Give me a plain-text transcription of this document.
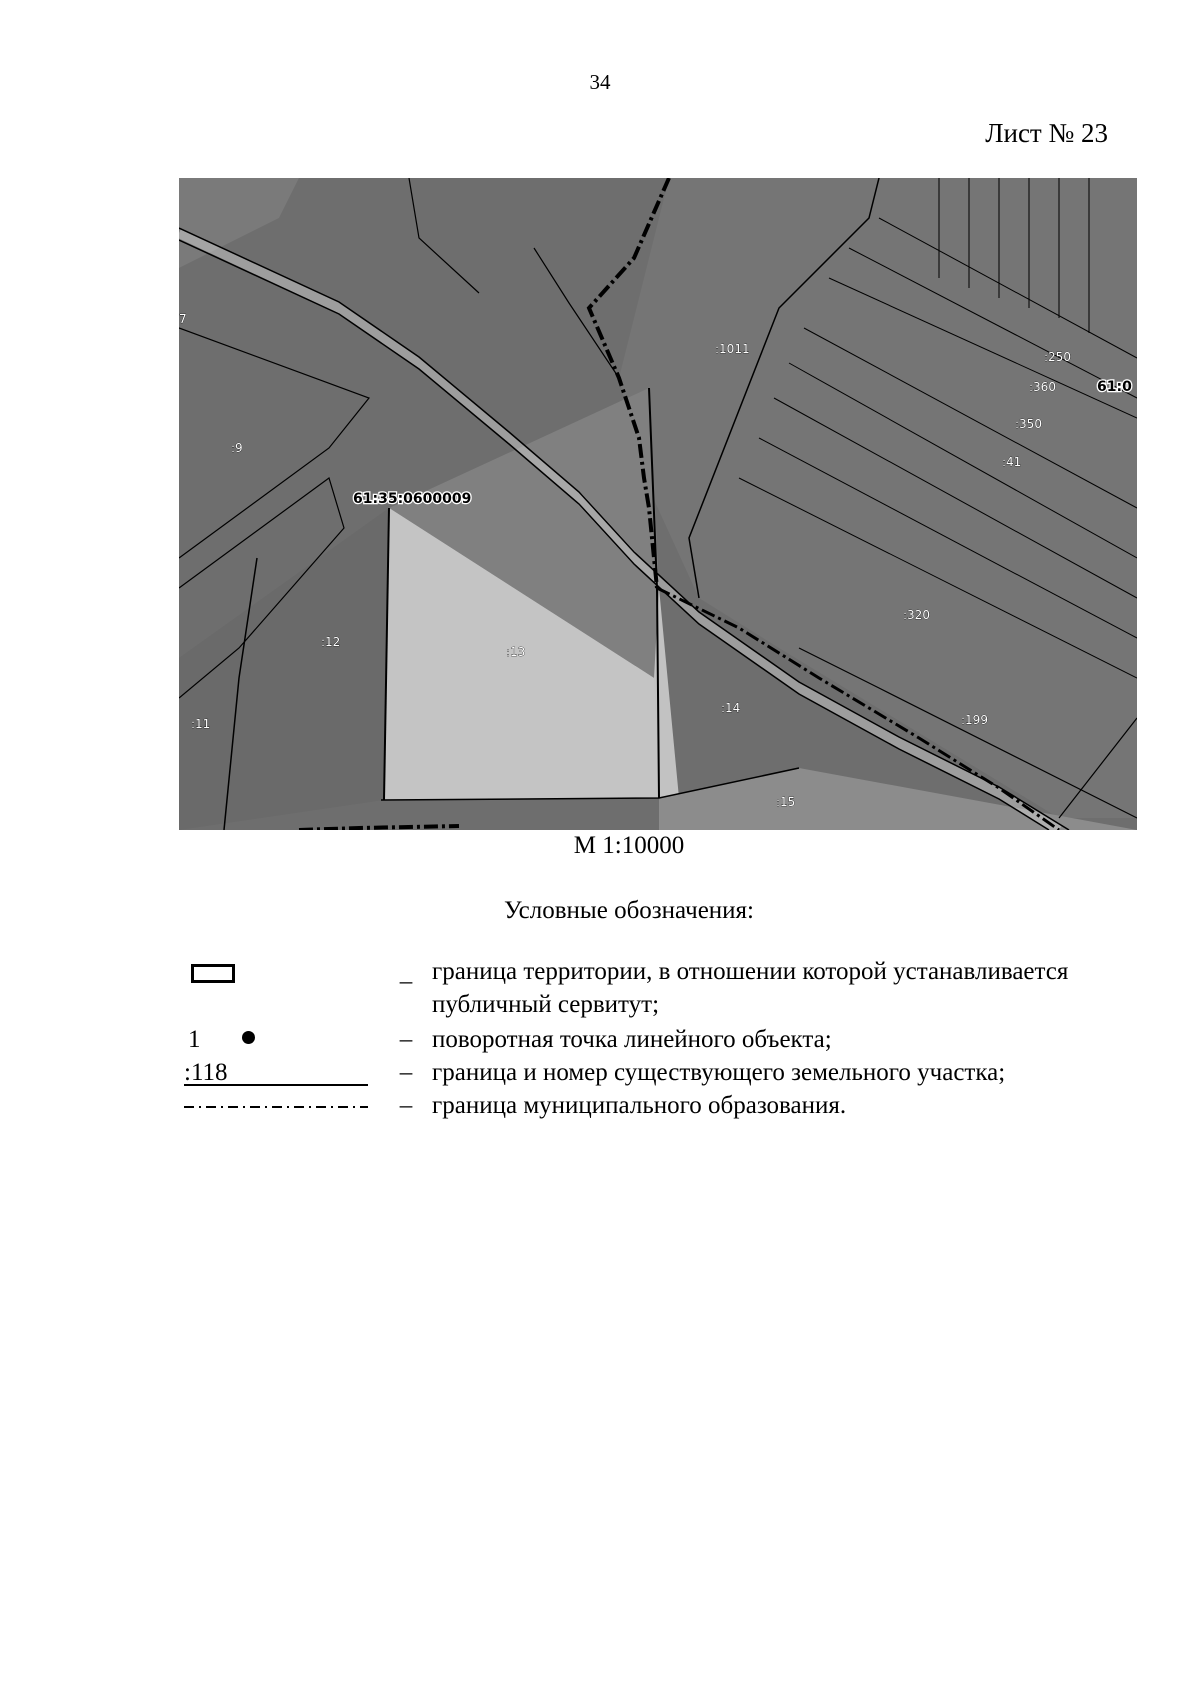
34
Лист № 23
:1011
:250
:360
:350
:41
:9
:12
:13
:14
:11
:320
:199
:15
7
61:35:0600009
61:0
М 1:10000
Условные обозначения:
– граница территории, в отношении которой устанавливается публичный сервитут;
1	– поворотная точка линейного объекта;
:118	– граница и номер существующего земельного участка;
– граница муниципального образования.
